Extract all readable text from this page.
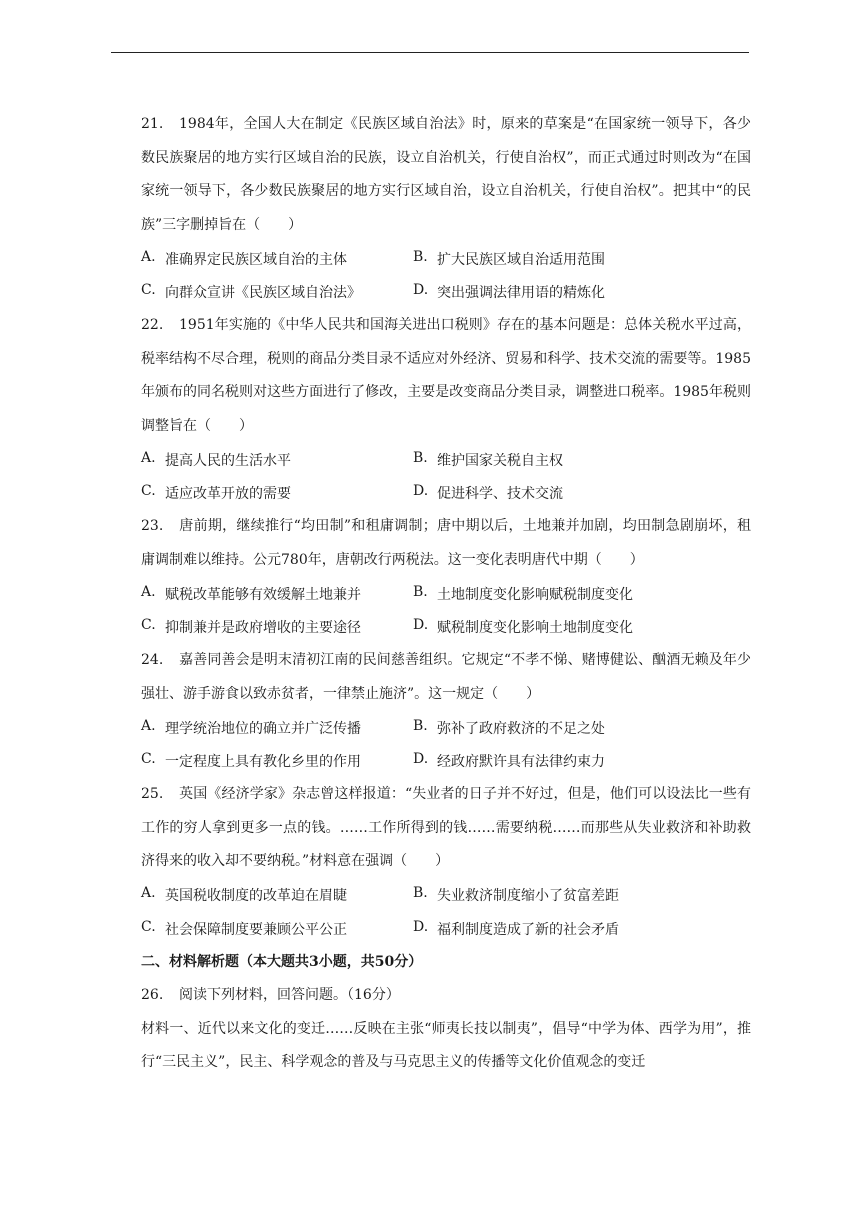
21. 1984年，全国人大在制定《民族区域自治法》时，原来的草案是“在国家统一领导下，各少数民族聚居的地方实行区域自治的民族，设立自治机关，行使自治权”，而正式通过时则改为“在国家统一领导下，各少数民族聚居的地方实行区域自治，设立自治机关，行使自治权”。把其中“的民族”三字删掉旨在（　　）

A. 准确界定民族区域自治的主体	B. 扩大民族区域自治适用范围
C. 向群众宣讲《民族区域自治法》	D. 突出强调法律用语的精炼化

22. 1951年实施的《中华人民共和国海关进出口税则》存在的基本问题是：总体关税水平过高，税率结构不尽合理，税则的商品分类目录不适应对外经济、贸易和科学、技术交流的需要等。1985年颁布的同名税则对这些方面进行了修改，主要是改变商品分类目录，调整进口税率。1985年税则调整旨在（　　）

A. 提高人民的生活水平	B. 维护国家关税自主权
C. 适应改革开放的需要	D. 促进科学、技术交流

23. 唐前期，继续推行“均田制”和租庸调制；唐中期以后，土地兼并加剧，均田制急剧崩坏，租庸调制难以维持。公元780年，唐朝改行两税法。这一变化表明唐代中期（　　）

A. 赋税改革能够有效缓解土地兼并	B. 土地制度变化影响赋税制度变化
C. 抑制兼并是政府增收的主要途径	D. 赋税制度变化影响土地制度变化

24. 嘉善同善会是明末清初江南的民间慈善组织。它规定“不孝不悌、赌博健讼、酗酒无赖及年少强壮、游手游食以致赤贫者，一律禁止施济”。这一规定（　　）

A. 理学统治地位的确立并广泛传播	B. 弥补了政府救济的不足之处
C. 一定程度上具有教化乡里的作用	D. 经政府默许具有法律约束力

25. 英国《经济学家》杂志曾这样报道：“失业者的日子并不好过，但是，他们可以设法比一些有工作的穷人拿到更多一点的钱。……工作所得到的钱……需要纳税……而那些从失业救济和补助救济得来的收入却不要纳税。”材料意在强调（　　）

A. 英国税收制度的改革迫在眉睫	B. 失业救济制度缩小了贫富差距
C. 社会保障制度要兼顾公平公正	D. 福利制度造成了新的社会矛盾

二、材料解析题（本大题共3小题，共50分）

26. 阅读下列材料，回答问题。（16分）

材料一、近代以来文化的变迁……反映在主张“师夷长技以制夷”，倡导“中学为体、西学为用”，推行“三民主义”，民主、科学观念的普及与马克思主义的传播等文化价值观念的变迁
